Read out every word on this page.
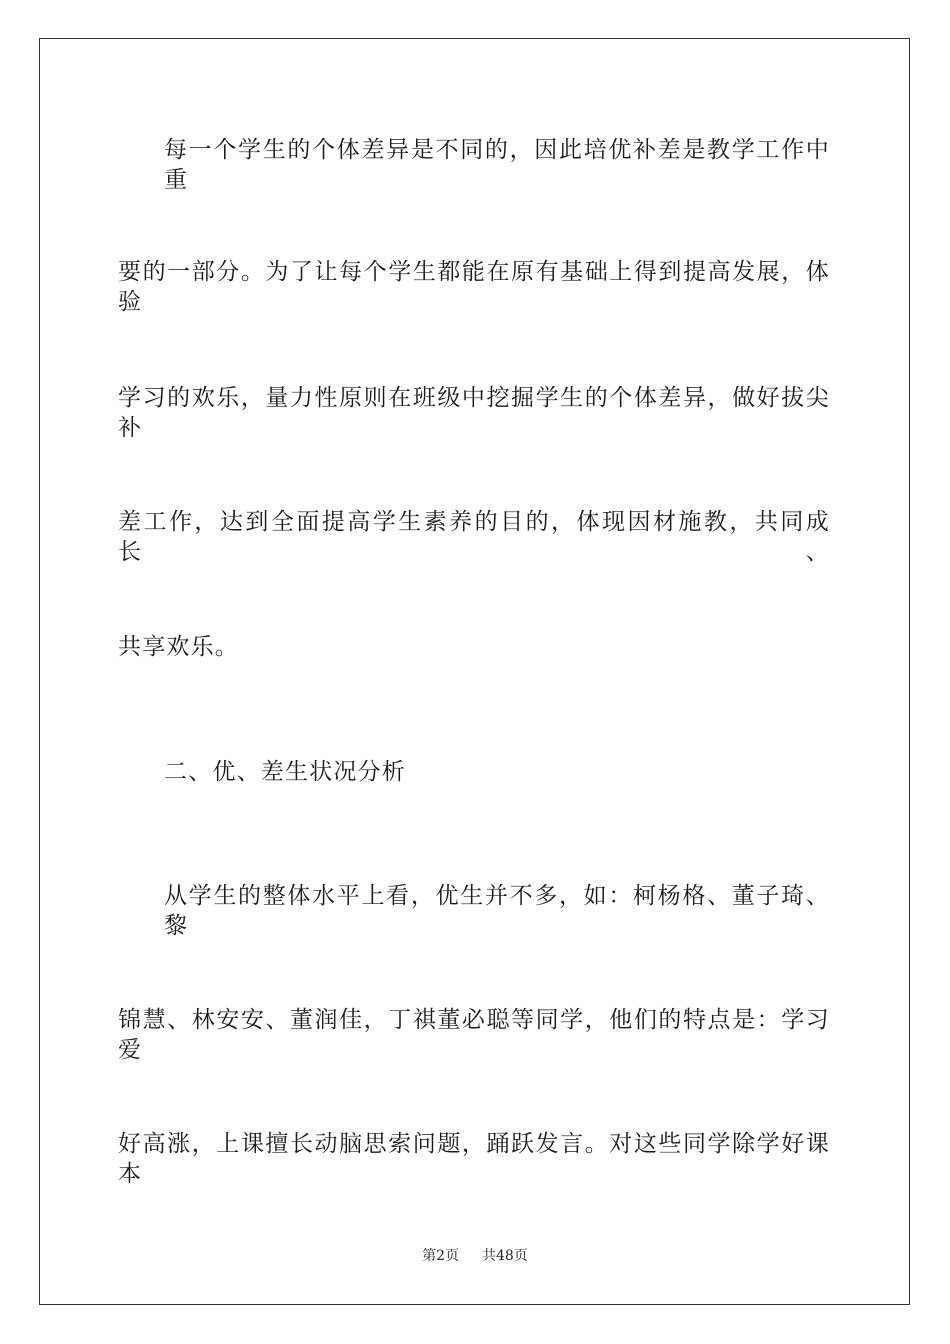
每一个学生的个体差异是不同的，因此培优补差是教学工作中重
要的一部分。为了让每个学生都能在原有基础上得到提高发展，体验
学习的欢乐，量力性原则在班级中挖掘学生的个体差异，做好拔尖补
差工作，达到全面提高学生素养的目的，体现因材施教，共同成长、
共享欢乐。
二、优、差生状况分析
从学生的整体水平上看，优生并不多，如：柯杨格、董子琦、黎
锦慧、林安安、董润佳，丁祺董必聪等同学，他们的特点是：学习爱
好高涨，上课擅长动脑思索问题，踊跃发言。对这些同学除学好课本
第2页 共48页
